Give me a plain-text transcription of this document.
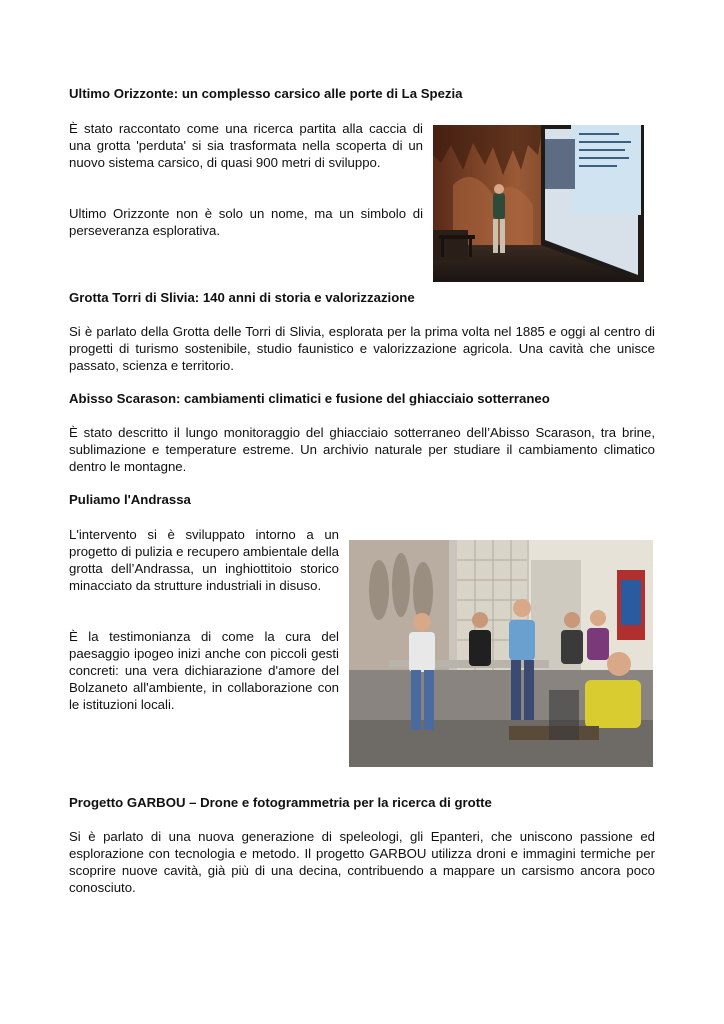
Ultimo Orizzonte: un complesso carsico alle porte di La Spezia

È stato raccontato come una ricerca partita alla caccia di una grotta 'perduta' si sia trasformata nella scoperta di un nuovo sistema carsico, di quasi 900 metri di sviluppo.

Ultimo Orizzonte non è solo un nome, ma un simbolo di perseveranza esplorativa.

Grotta Torri di Slivia: 140 anni di storia e valorizzazione

Si è parlato della Grotta delle Torri di Slivia, esplorata per la prima volta nel 1885 e oggi al centro di progetti di turismo sostenibile, studio faunistico e valorizzazione agricola. Una cavità che unisce passato, scienza e territorio.

Abisso Scarason: cambiamenti climatici e fusione del ghiacciaio sotterraneo

È stato descritto il lungo monitoraggio del ghiacciaio sotterraneo dell’Abisso Scarason, tra brine, sublimazione e temperature estreme. Un archivio naturale per studiare il cambiamento climatico dentro le montagne.

Puliamo l'Andrassa

L'intervento si è sviluppato intorno a un progetto di pulizia e recupero ambientale della grotta dell’Andrassa, un inghiottitoio storico minacciato da strutture industriali in disuso.

È la testimonianza di come la cura del paesaggio ipogeo inizi anche con piccoli gesti concreti: una vera dichiarazione d'amore del Bolzaneto all'ambiente, in collaborazione con le istituzioni locali.

Progetto GARBOU – Drone e fotogrammetria per la ricerca di grotte

Si è parlato di una nuova generazione di speleologi, gli Epanteri, che uniscono passione ed esplorazione con tecnologia e metodo. Il progetto GARBOU utilizza droni e immagini termiche per scoprire nuove cavità, già più di una decina, contribuendo a mappare un carsismo ancora poco conosciuto.
